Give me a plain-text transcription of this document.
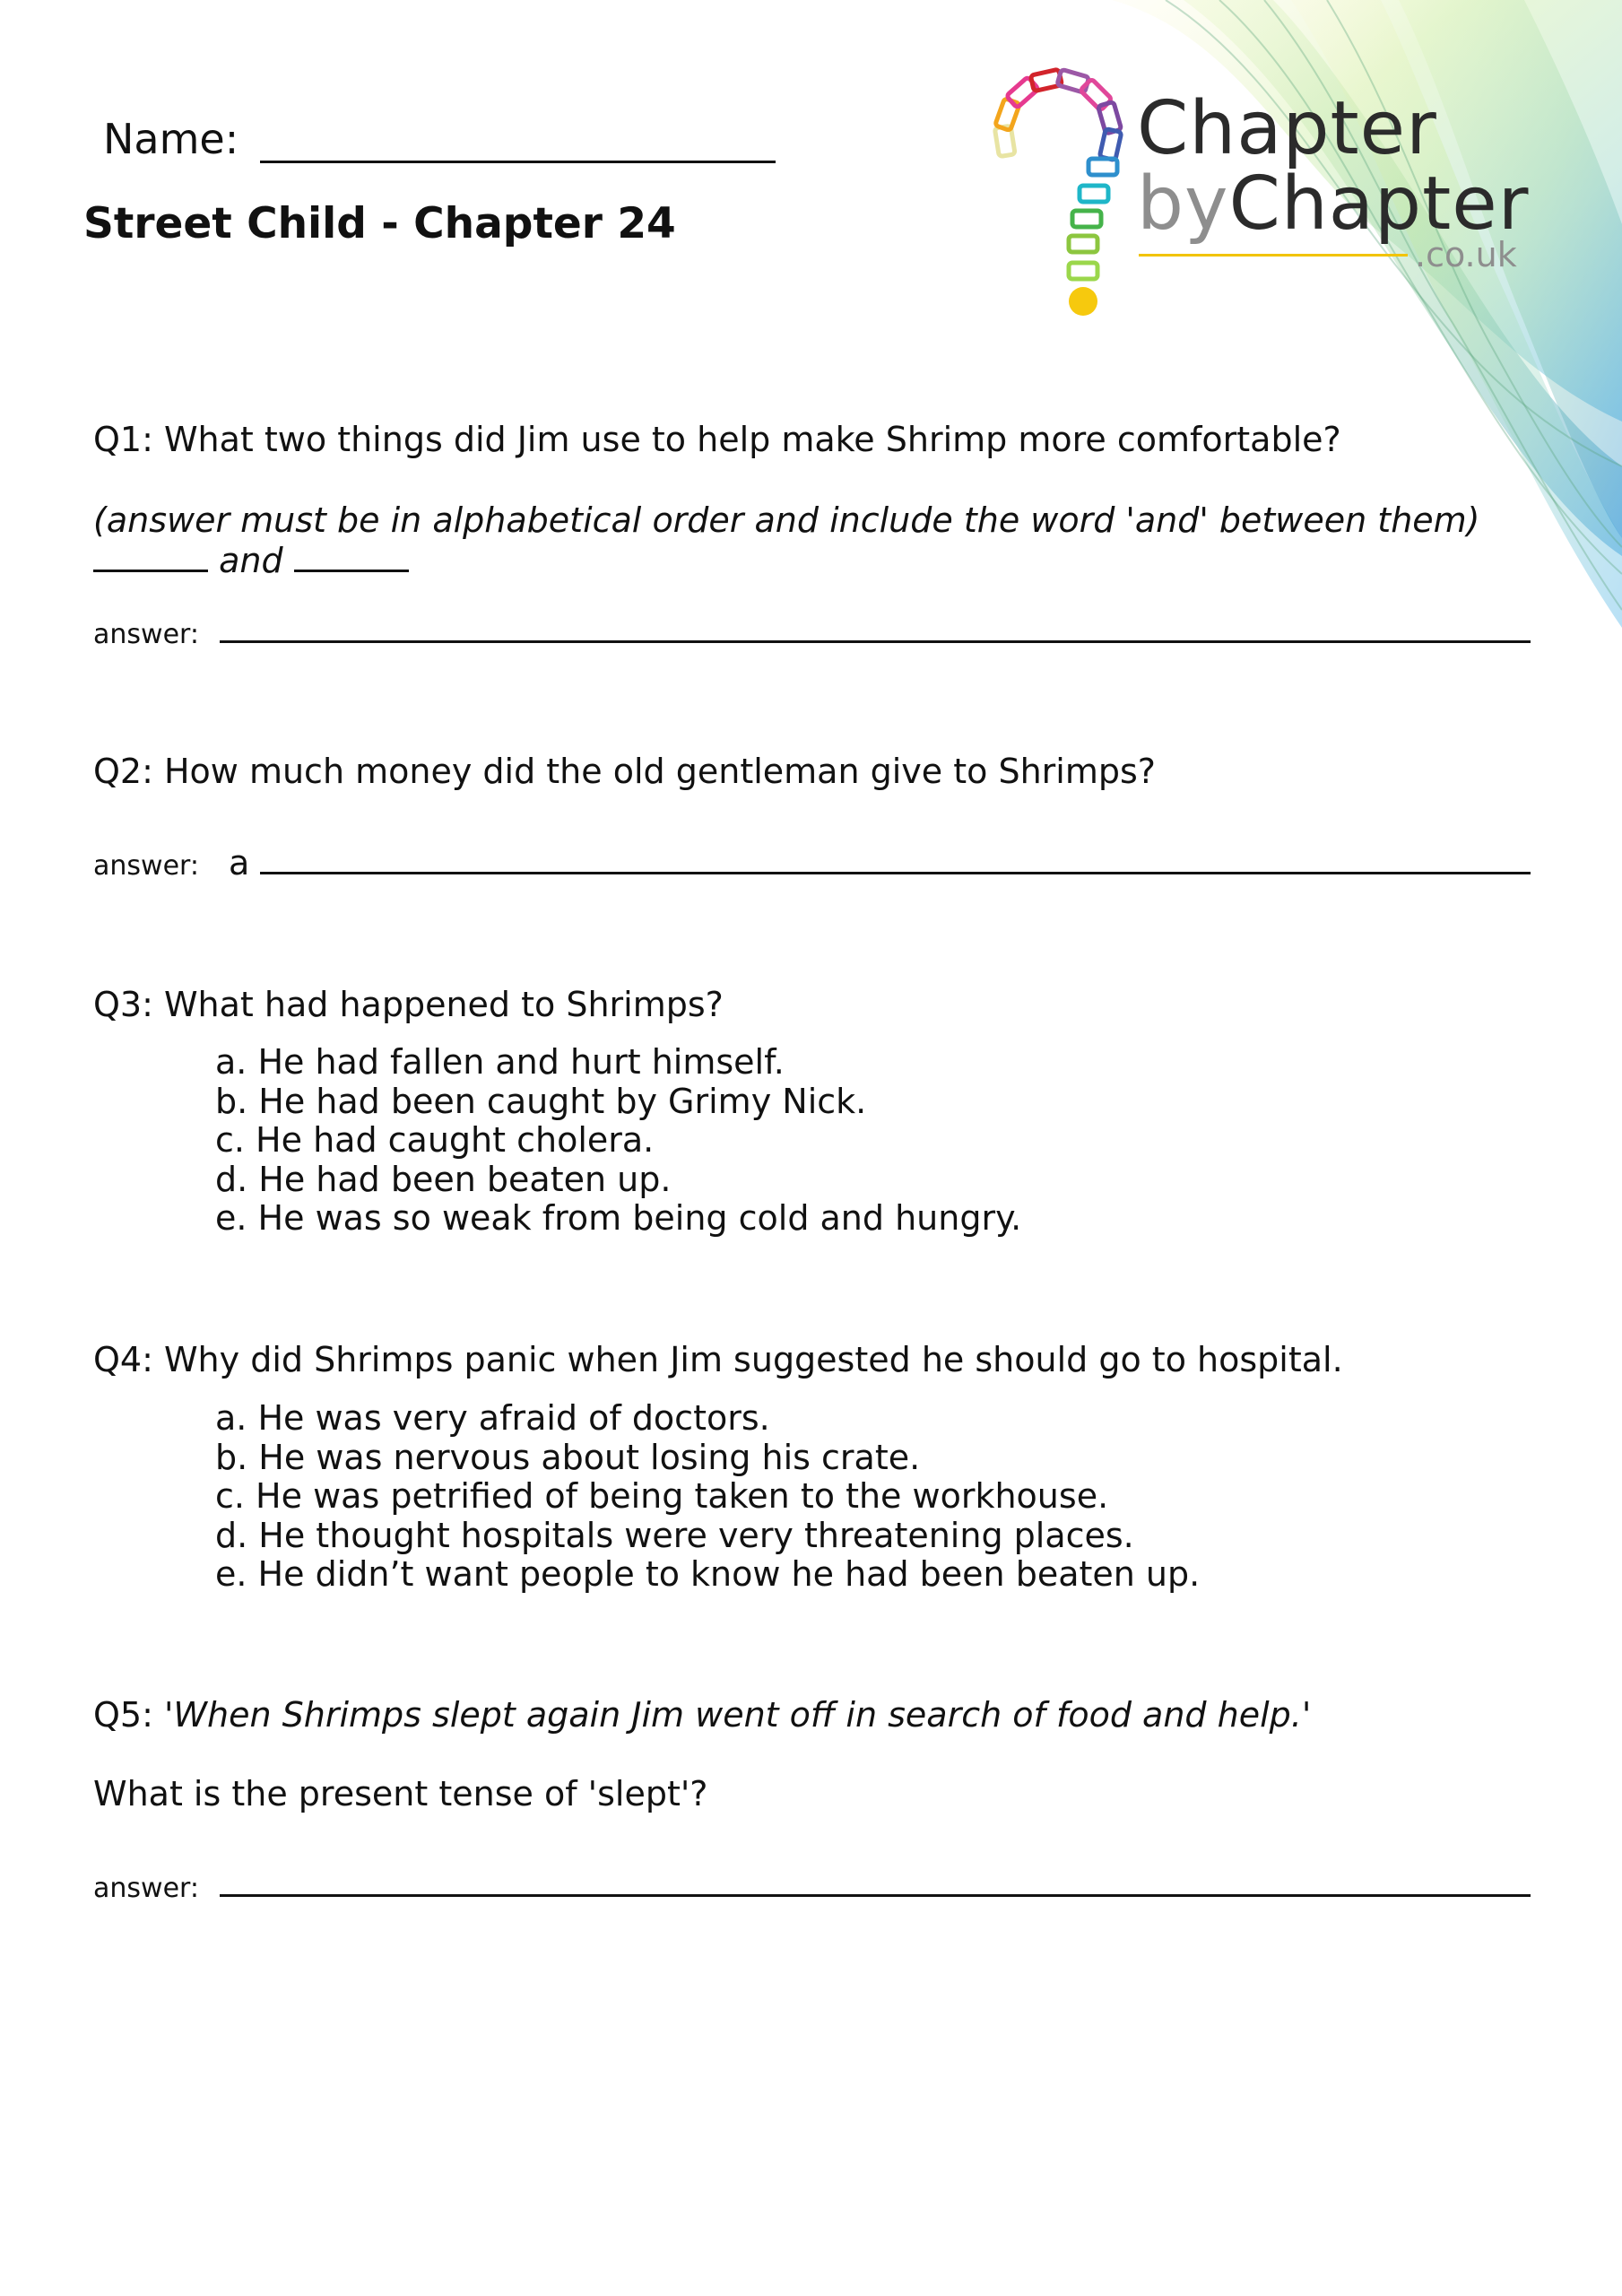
Chapter
byChapter
.co.uk
Name:
Street Child - Chapter 24
Q1: What two things did Jim use to help make Shrimp more comfortable?
(answer must be in alphabetical order and include the word 'and' between them)
and
answer:
Q2: How much money did the old gentleman give to Shrimps?
answer: a
Q3: What had happened to Shrimps?
a. He had fallen and hurt himself.
b. He had been caught by Grimy Nick.
c. He had caught cholera.
d. He had been beaten up.
e. He was so weak from being cold and hungry.
Q4: Why did Shrimps panic when Jim suggested he should go to hospital.
a. He was very afraid of doctors.
b. He was nervous about losing his crate.
c. He was petrified of being taken to the workhouse.
d. He thought hospitals were very threatening places.
e. He didn’t want people to know he had been beaten up.
Q5: 'When Shrimps slept again Jim went off in search of food and help.'
What is the present tense of 'slept'?
answer:
